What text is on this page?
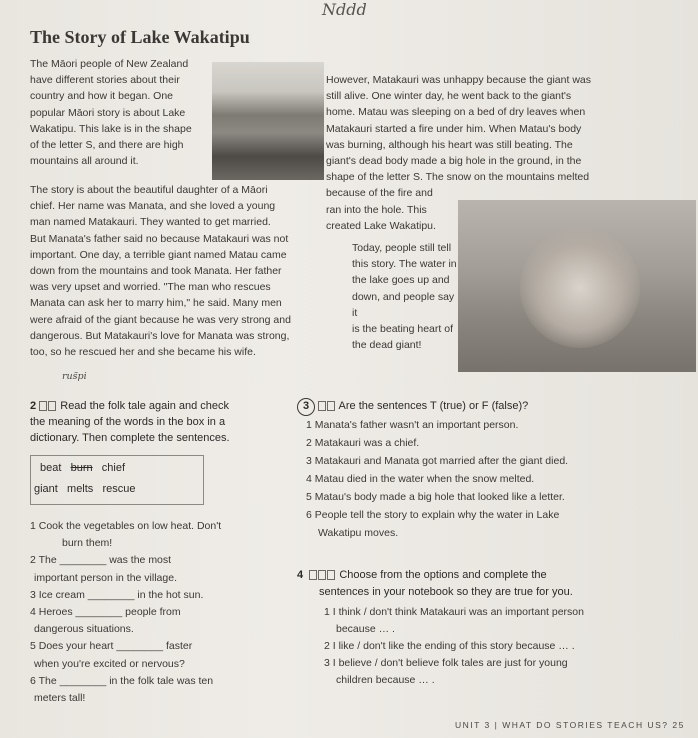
Nddd
The Story of Lake Wakatipu
The Māori people of New Zealand
have different stories about their
country and how it began. One
popular Māori story is about Lake
Wakatipu. This lake is in the shape
of the letter S, and there are high
mountains all around it.
The story is about the beautiful daughter of a Māori
chief. Her name was Manata, and she loved a young
man named Matakauri. They wanted to get married.
But Manata's father said no because Matakauri was not
important. One day, a terrible giant named Matau came
down from the mountains and took Manata. Her father
was very upset and worried. "The man who rescues
Manata can ask her to marry him," he said. Many men
were afraid of the giant because he was very strong and
dangerous. But Matakauri's love for Manata was strong,
too, so he rescued her and she became his wife.
rus̃pi
However, Matakauri was unhappy because the giant was
still alive. One winter day, he went back to the giant's
home. Matau was sleeping on a bed of dry leaves when
Matakauri started a fire under him. When Matau's body
was burning, although his heart was still beating. The
giant's dead body made a big hole in the ground, in the
shape of the letter S. The snow on the mountains melted
because of the fire and
ran into the hole. This
created Lake Wakatipu.
Today, people still tell
this story. The water in
the lake goes up and
down, and people say it
is the beating heart of
the dead giant!
2 Read the folk tale again and check
the meaning of the words in the box in a
dictionary. Then complete the sentences.
beat burn chief
giant melts rescue
1 Cook the vegetables on low heat. Don't
burn them!
2 The ________ was the most
important person in the village.
3 Ice cream ________ in the hot sun.
4 Heroes ________ people from
dangerous situations.
5 Does your heart ________ faster
when you're excited or nervous?
6 The ________ in the folk tale was ten
meters tall!
3	Are the sentences T (true) or F (false)?
1 Manata's father wasn't an important person.
2 Matakauri was a chief.
3 Matakauri and Manata got married after the giant died.
4 Matau died in the water when the snow melted.
5 Matau's body made a big hole that looked like a letter.
6 People tell the story to explain why the water in Lake
Wakatipu moves.
4	Choose from the options and complete the
sentences in your notebook so they are true for you.
1 I think / don't think Matakauri was an important person
because … .
2 I like / don't like the ending of this story because … .
3 I believe / don't believe folk tales are just for young
children because … .
UNIT 3 | WHAT DO STORIES TEACH US? 25
